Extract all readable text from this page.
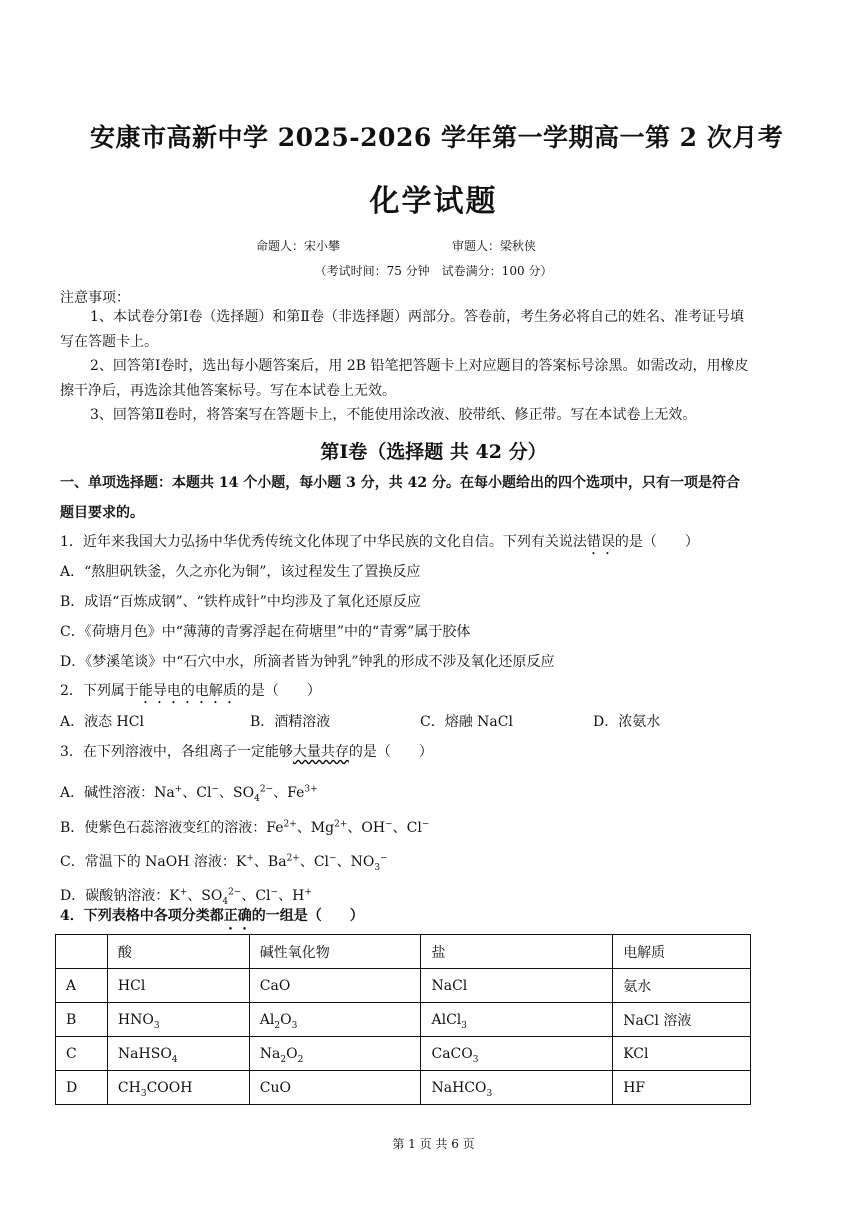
安康市高新中学 2025-2026 学年第一学期高一第 2 次月考
化学试题
命题人：宋小攀	审题人：梁秋侠
（考试时间：75 分钟　试卷满分：100 分）
注意事项：
1、本试卷分第Ⅰ卷（选择题）和第Ⅱ卷（非选择题）两部分。答卷前，考生务必将自己的姓名、准考证号填写在答题卡上。
2、回答第Ⅰ卷时，选出每小题答案后，用 2B 铅笔把答题卡上对应题目的答案标号涂黑。如需改动，用橡皮擦干净后，再选涂其他答案标号。写在本试卷上无效。
3、回答第Ⅱ卷时，将答案写在答题卡上，不能使用涂改液、胶带纸、修正带。写在本试卷上无效。
第Ⅰ卷（选择题 共 42 分）
一、单项选择题：本题共 14 个小题，每小题 3 分，共 42 分。在每小题给出的四个选项中，只有一项是符合题目要求的。
1．近年来我国大力弘扬中华优秀传统文化体现了中华民族的文化自信。下列有关说法错误的是（　　）
A．“熬胆矾铁釜，久之亦化为铜”，该过程发生了置换反应
B．成语“百炼成钢”、“铁杵成针”中均涉及了氧化还原反应
C．《荷塘月色》中“薄薄的青雾浮起在荷塘里”中的“青雾”属于胶体
D．《梦溪笔谈》中“石穴中水，所滴者皆为钟乳”钟乳的形成不涉及氧化还原反应
2．下列属于能导电的电解质的是（　　）
A．液态 HCl	B．酒精溶液	C．熔融 NaCl	D．浓氨水
3．在下列溶液中，各组离子一定能够大量共存的是（　　）
A．碱性溶液：Na+、Cl−、$SO_4^{2-}$、$Fe^{3+}$
B．使紫色石蕊溶液变红的溶液：$Fe^{2+}$、$Mg^{2+}$、OH−、Cl−
C．常温下的 NaOH 溶液：K+、$Ba^{2+}$、Cl−、$NO_3^-$
D．碳酸钠溶液：K+、$SO_4^{2-}$、Cl−、H+
4．下列表格中各项分类都正确的一组是（　　）
	酸	碱性氧化物	盐	电解质
A	HCl	CaO	NaCl	氨水
B	$HNO_3$	$Al_2O_3$	AlCl$_3$	NaCl 溶液
C	NaHSO$_4$	$Na_2O_2$	CaCO$_3$	KCl
D	$CH_3COOH$	CuO	NaHCO$_3$	HF
第 1 页 共 6 页
